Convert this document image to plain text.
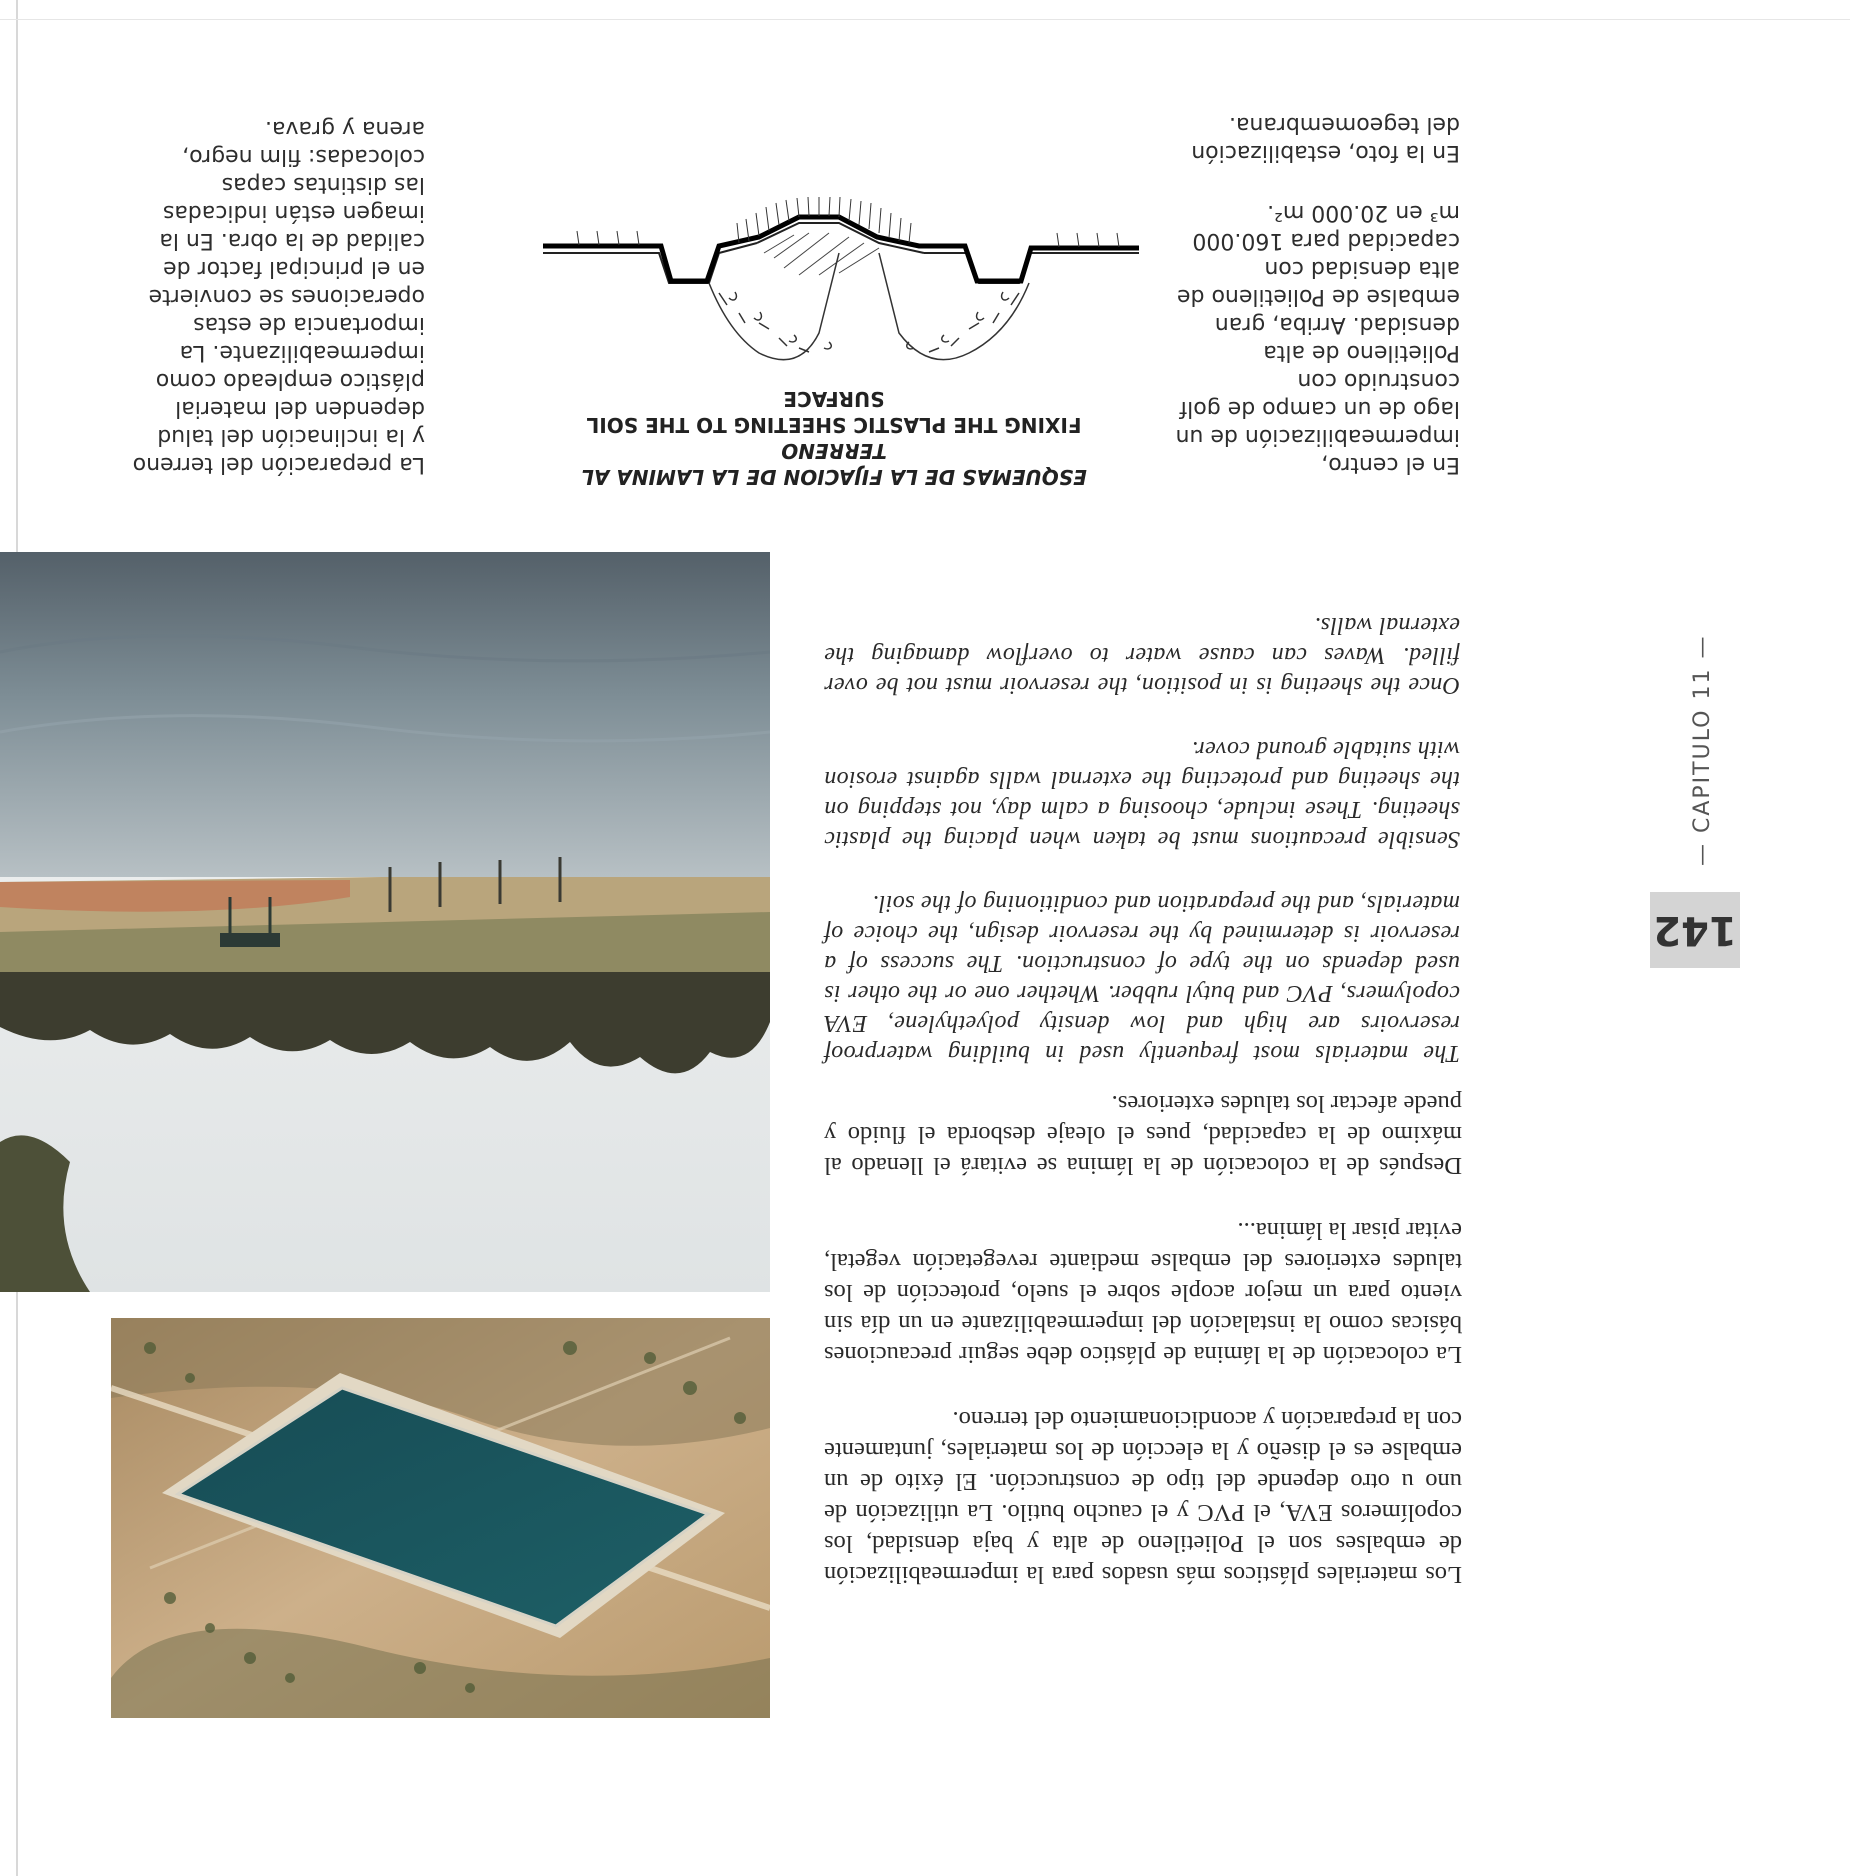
Los materiales plásticos más usados para la impermeabilización de embalses son el Polietileno de alta y baja densidad, los copolímeros EVA, el PVC y el caucho butilo. La utilización de uno u otro depende del tipo de construcción. El éxito de un embalse es el diseño y la elección de los materiales, juntamente con la preparación y acondicionamiento del terreno.

La colocación de la lámina de plástico debe seguir precauciones básicas como la instalación del impermeabilizante en un día sin viento para un mejor acople sobre el suelo, protección de los taludes exteriores del embalse mediante revegetación vegetal, evitar pisar la lámina...

Después de la colocación de la lámina se evitará el llenado al máximo de la capacidad, pues el oleaje desborda el fluido y puede afectar los taludes exteriores.

The materials most frequently used in building waterproof reservoirs are high and low density polyethylene, EVA copolymers, PVC and butyl rubber. Whether one or the other is used depends on the type of construction. The success of a reservoir is determined by the reservoir design, the choice of materials, and the preparation and conditioning of the soil.

Sensible precautions must be taken when placing the plastic sheeting. These include, choosing a calm day, not stepping on the sheeting and protecting the external walls against erosion with suitable ground cover.

Once the sheeting is in position, the reservoir must not be over filled. Waves can cause water to overflow damaging the external walls.

ESQUEMAS DE LA FIJACION DE LA LAMINA AL TERRENO
FIXING THE PLASTIC SHEETING TO THE SOIL SURFACE
En el centro,
impermeabilización de un
lago de un campo de golf
construido con
Polietileno de alta
densidad. Arriba, gran
embalse de Polietileno de
alta densidad con
capacidad para 160.000
m³ en 20.000 m².
En la foto, estabilización
del tegeomembrana.
La preparación del terreno
y la inclinación del talud
dependen del material
plástico empleado como
impermeabilizante. La
importancia de estas
operaciones se convierte
en el principal factor de
calidad de la obra. En la
imagen están indicadas
las distintas capas
colocadas: film negro,
arena y grava.
142
— CAPITULO 11 —
